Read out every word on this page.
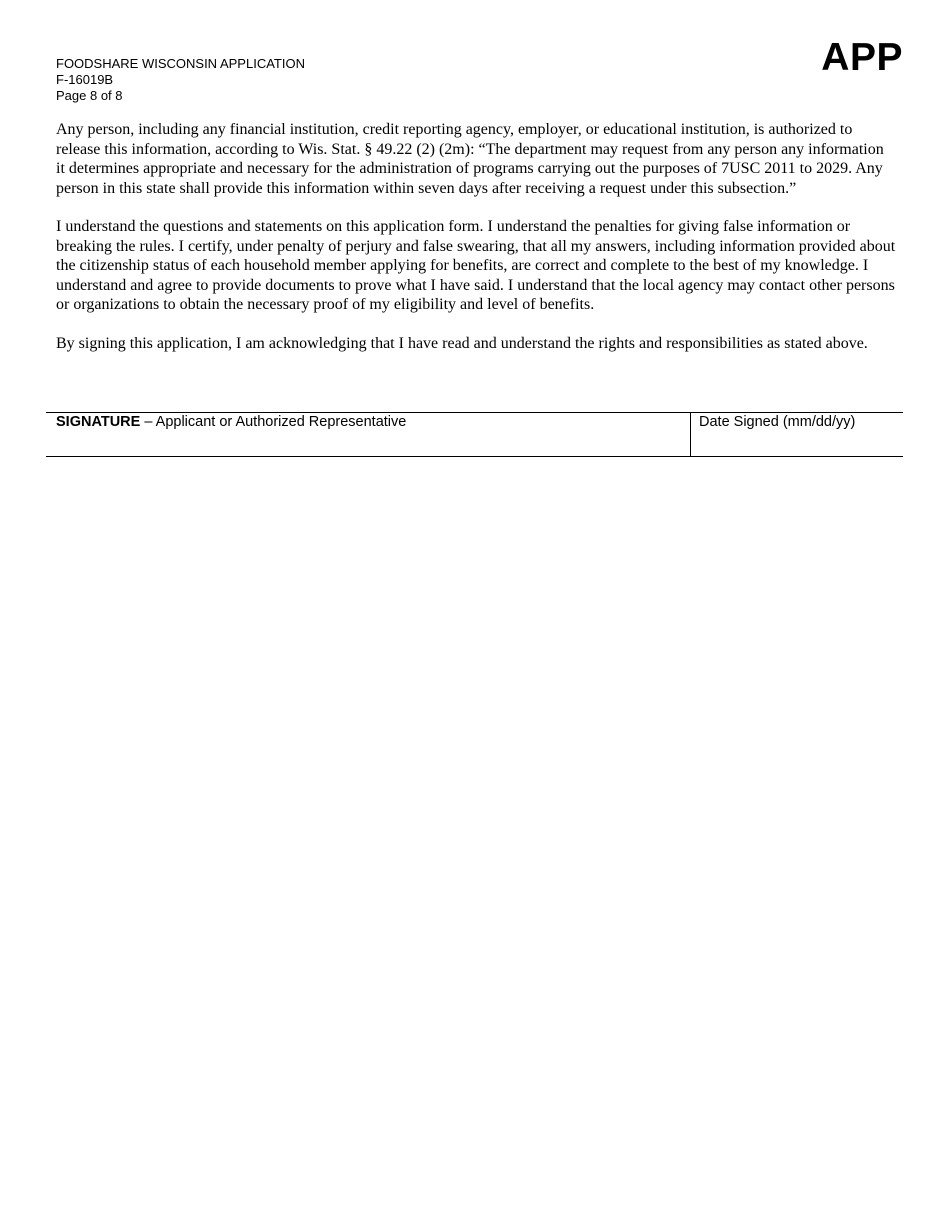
FOODSHARE WISCONSIN APPLICATION
F-16019B
Page 8 of 8
APP

Any person, including any financial institution, credit reporting agency, employer, or educational institution, is authorized to release this information, according to Wis. Stat. § 49.22 (2) (2m): “The department may request from any person any information it determines appropriate and necessary for the administration of programs carrying out the purposes of 7USC 2011 to 2029. Any person in this state shall provide this information within seven days after receiving a request under this subsection.”

I understand the questions and statements on this application form. I understand the penalties for giving false information or breaking the rules. I certify, under penalty of perjury and false swearing, that all my answers, including information provided about the citizenship status of each household member applying for benefits, are correct and complete to the best of my knowledge. I understand and agree to provide documents to prove what I have said. I understand that the local agency may contact other persons or organizations to obtain the necessary proof of my eligibility and level of benefits.

By signing this application, I am acknowledging that I have read and understand the rights and responsibilities as stated above.

SIGNATURE – Applicant or Authorized Representative	Date Signed (mm/dd/yy)
